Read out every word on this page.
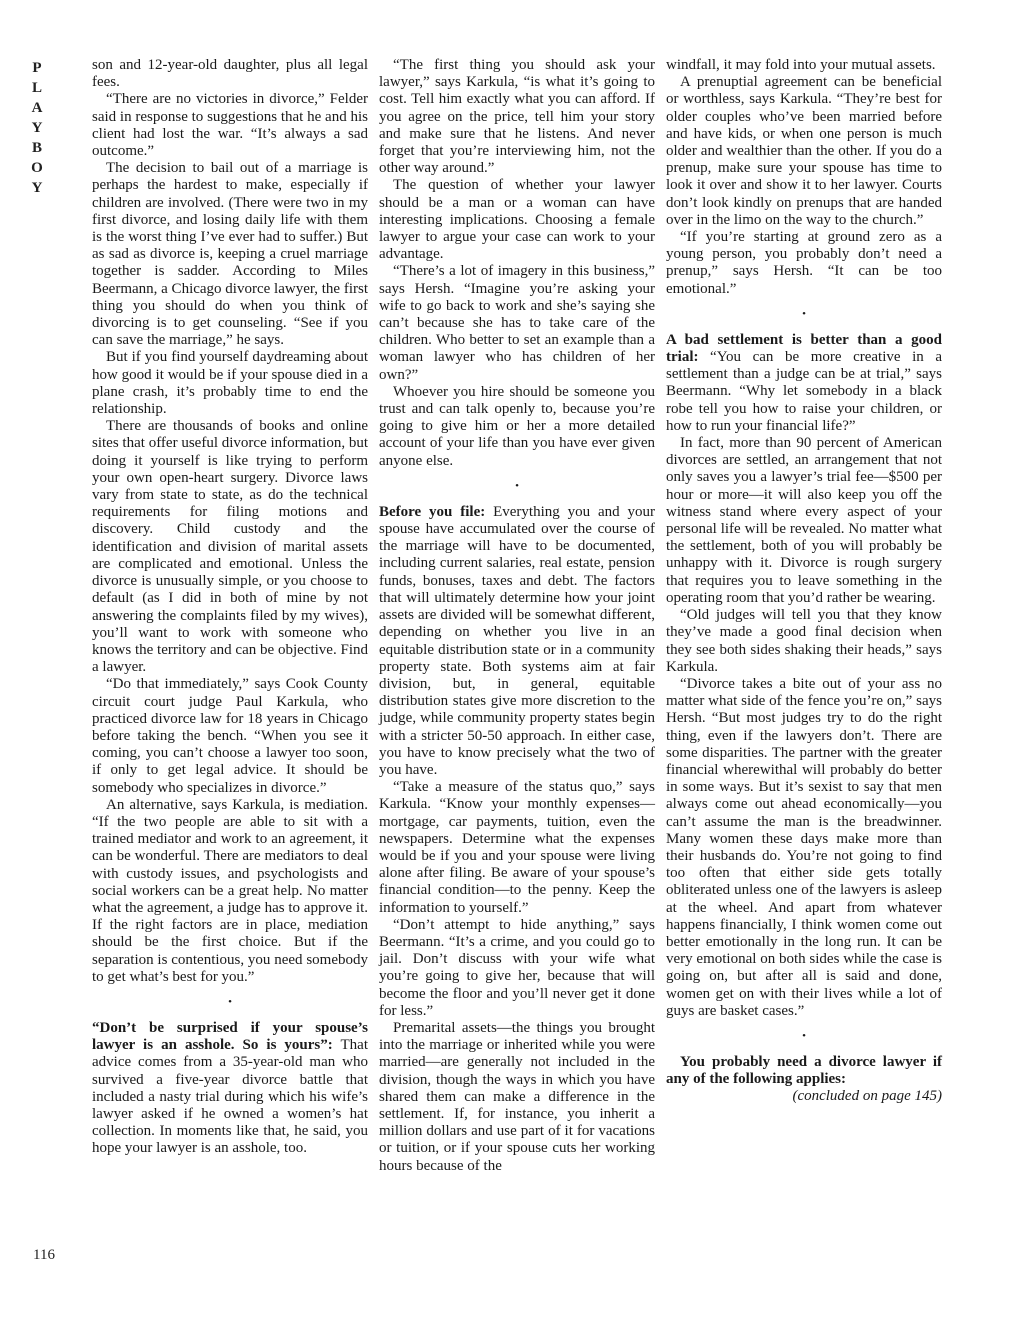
P
L
A
Y
B
O
Y
116

son and 12-year-old daughter, plus all legal fees.

“There are no victories in divorce,” Felder said in response to suggestions that he and his client had lost the war. “It’s always a sad outcome.”

The decision to bail out of a marriage is perhaps the hardest to make, especially if children are involved. (There were two in my first divorce, and losing daily life with them is the worst thing I’ve ever had to suffer.) But as sad as divorce is, keeping a cruel marriage together is sadder. According to Miles Beermann, a Chicago divorce lawyer, the first thing you should do when you think of divorcing is to get counseling. “See if you can save the marriage,” he says.

But if you find yourself daydreaming about how good it would be if your spouse died in a plane crash, it’s probably time to end the relationship.

There are thousands of books and online sites that offer useful divorce information, but doing it yourself is like trying to perform your own open-heart surgery. Divorce laws vary from state to state, as do the technical requirements for filing motions and discovery. Child custody and the identification and division of marital assets are complicated and emotional. Unless the divorce is unusually simple, or you choose to default (as I did in both of mine by not answering the complaints filed by my wives), you’ll want to work with someone who knows the territory and can be objective. Find a lawyer.

“Do that immediately,” says Cook County circuit court judge Paul Karkula, who practiced divorce law for 18 years in Chicago before taking the bench. “When you see it coming, you can’t choose a lawyer too soon, if only to get legal advice. It should be somebody who specializes in divorce.”

An alternative, says Karkula, is mediation. “If the two people are able to sit with a trained mediator and work to an agreement, it can be wonderful. There are mediators to deal with custody issues, and psychologists and social workers can be a great help. No matter what the agreement, a judge has to approve it. If the right factors are in place, mediation should be the first choice. But if the separation is contentious, you need somebody to get what’s best for you.”

•

“Don’t be surprised if your spouse’s lawyer is an asshole. So is yours”: That advice comes from a 35-year-old man who survived a five-year divorce battle that included a nasty trial during which his wife’s lawyer asked if he owned a women’s hat collection. In moments like that, he said, you hope your lawyer is an asshole, too.

“The first thing you should ask your lawyer,” says Karkula, “is what it’s going to cost. Tell him exactly what you can afford. If you agree on the price, tell him your story and make sure that he listens. And never forget that you’re interviewing him, not the other way around.”

The question of whether your lawyer should be a man or a woman can have interesting implications. Choosing a female lawyer to argue your case can work to your advantage.

“There’s a lot of imagery in this business,” says Hersh. “Imagine you’re asking your wife to go back to work and she’s saying she can’t because she has to take care of the children. Who better to set an example than a woman lawyer who has children of her own?”

Whoever you hire should be someone you trust and can talk openly to, because you’re going to give him or her a more detailed account of your life than you have ever given anyone else.

•

Before you file: Everything you and your spouse have accumulated over the course of the marriage will have to be documented, including current salaries, real estate, pension funds, bonuses, taxes and debt. The factors that will ultimately determine how your joint assets are divided will be somewhat different, depending on whether you live in an equitable distribution state or in a community property state. Both systems aim at fair division, but, in general, equitable distribution states give more discretion to the judge, while community property states begin with a stricter 50-50 approach. In either case, you have to know precisely what the two of you have.

“Take a measure of the status quo,” says Karkula. “Know your monthly expenses—mortgage, car payments, tuition, even the newspapers. Determine what the expenses would be if you and your spouse were living alone after filing. Be aware of your spouse’s financial condition—to the penny. Keep the information to yourself.”

“Don’t attempt to hide anything,” says Beermann. “It’s a crime, and you could go to jail. Don’t discuss with your wife what you’re going to give her, because that will become the floor and you’ll never get it done for less.”

Premarital assets—the things you brought into the marriage or inherited while you were married—are generally not included in the division, though the ways in which you have shared them can make a difference in the settlement. If, for instance, you inherit a million dollars and use part of it for vacations or tuition, or if your spouse cuts her working hours because of the

windfall, it may fold into your mutual assets.

A prenuptial agreement can be beneficial or worthless, says Karkula. “They’re best for older couples who’ve been married before and have kids, or when one person is much older and wealthier than the other. If you do a prenup, make sure your spouse has time to look it over and show it to her lawyer. Courts don’t look kindly on prenups that are handed over in the limo on the way to the church.”

“If you’re starting at ground zero as a young person, you probably don’t need a prenup,” says Hersh. “It can be too emotional.”

•

A bad settlement is better than a good trial: “You can be more creative in a settlement than a judge can be at trial,” says Beermann. “Why let somebody in a black robe tell you how to raise your children, or how to run your financial life?”

In fact, more than 90 percent of American divorces are settled, an arrangement that not only saves you a lawyer’s trial fee—$500 per hour or more—it will also keep you off the witness stand where every aspect of your personal life will be revealed. No matter what the settlement, both of you will probably be unhappy with it. Divorce is rough surgery that requires you to leave something in the operating room that you’d rather be wearing.

“Old judges will tell you that they know they’ve made a good final decision when they see both sides shaking their heads,” says Karkula.

“Divorce takes a bite out of your ass no matter what side of the fence you’re on,” says Hersh. “But most judges try to do the right thing, even if the lawyers don’t. There are some disparities. The partner with the greater financial wherewithal will probably do better in some ways. But it’s sexist to say that men always come out ahead economically—you can’t assume the man is the breadwinner. Many women these days make more than their husbands do. You’re not going to find too often that either side gets totally obliterated unless one of the lawyers is asleep at the wheel. And apart from whatever happens financially, I think women come out better emotionally in the long run. It can be very emotional on both sides while the case is going on, but after all is said and done, women get on with their lives while a lot of guys are basket cases.”

•

You probably need a divorce lawyer if any of the following applies:

(concluded on page 145)
